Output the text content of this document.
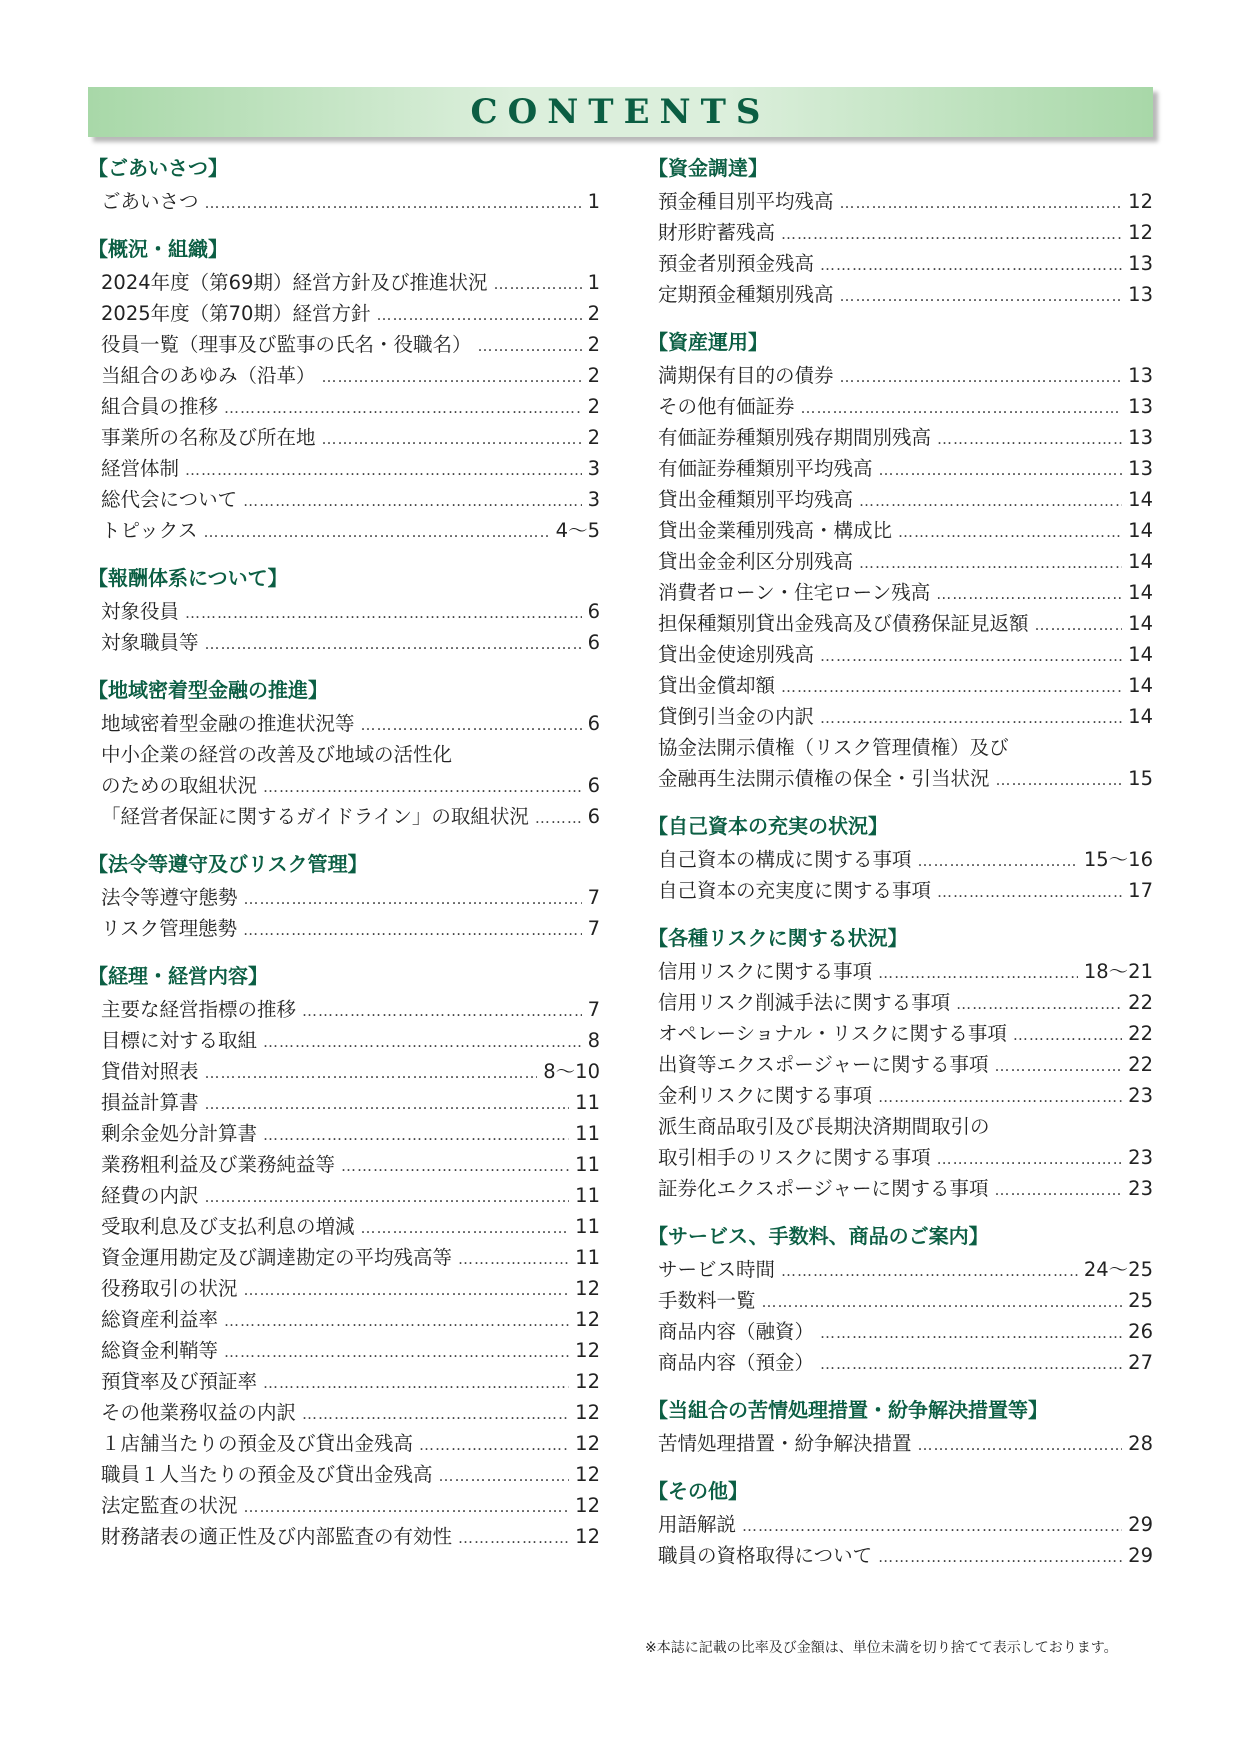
CONTENTS
【ごあいさつ】
ごあいさつ …………………………………………………………………………………………………………………………………………………………………………	1
【概況・組織】
2024年度（第69期）経営方針及び推進状況 …………………………………………………………………………………………………………………………………………………………………………	1
2025年度（第70期）経営方針 …………………………………………………………………………………………………………………………………………………………………………	2
役員一覧（理事及び監事の氏名・役職名） …………………………………………………………………………………………………………………………………………………………………………	2
当組合のあゆみ（沿革） …………………………………………………………………………………………………………………………………………………………………………	2
組合員の推移 …………………………………………………………………………………………………………………………………………………………………………	2
事業所の名称及び所在地 …………………………………………………………………………………………………………………………………………………………………………	2
経営体制 …………………………………………………………………………………………………………………………………………………………………………	3
総代会について …………………………………………………………………………………………………………………………………………………………………………	3
トピックス …………………………………………………………………………………………………………………………………………………………………………	4～5
【報酬体系について】
対象役員 …………………………………………………………………………………………………………………………………………………………………………	6
対象職員等 …………………………………………………………………………………………………………………………………………………………………………	6
【地域密着型金融の推進】
地域密着型金融の推進状況等 …………………………………………………………………………………………………………………………………………………………………………	6
中小企業の経営の改善及び地域の活性化
のための取組状況 …………………………………………………………………………………………………………………………………………………………………………	6
「経営者保証に関するガイドライン」の取組状況 …………………………………………………………………………………………………………………………………………………………………………	6
【法令等遵守及びリスク管理】
法令等遵守態勢 …………………………………………………………………………………………………………………………………………………………………………	7
リスク管理態勢 …………………………………………………………………………………………………………………………………………………………………………	7
【経理・経営内容】
主要な経営指標の推移 …………………………………………………………………………………………………………………………………………………………………………	7
目標に対する取組 …………………………………………………………………………………………………………………………………………………………………………	8
貸借対照表 …………………………………………………………………………………………………………………………………………………………………………	8～10
損益計算書 …………………………………………………………………………………………………………………………………………………………………………	11
剰余金処分計算書 …………………………………………………………………………………………………………………………………………………………………………	11
業務粗利益及び業務純益等 …………………………………………………………………………………………………………………………………………………………………………	11
経費の内訳 …………………………………………………………………………………………………………………………………………………………………………	11
受取利息及び支払利息の増減 …………………………………………………………………………………………………………………………………………………………………………	11
資金運用勘定及び調達勘定の平均残高等 …………………………………………………………………………………………………………………………………………………………………………	11
役務取引の状況 …………………………………………………………………………………………………………………………………………………………………………	12
総資産利益率 …………………………………………………………………………………………………………………………………………………………………………	12
総資金利鞘等 …………………………………………………………………………………………………………………………………………………………………………	12
預貸率及び預証率 …………………………………………………………………………………………………………………………………………………………………………	12
その他業務収益の内訳 …………………………………………………………………………………………………………………………………………………………………………	12
１店舗当たりの預金及び貸出金残高 …………………………………………………………………………………………………………………………………………………………………………	12
職員１人当たりの預金及び貸出金残高 …………………………………………………………………………………………………………………………………………………………………………	12
法定監査の状況 …………………………………………………………………………………………………………………………………………………………………………	12
財務諸表の適正性及び内部監査の有効性 …………………………………………………………………………………………………………………………………………………………………………	12
【資金調達】
預金種目別平均残高 …………………………………………………………………………………………………………………………………………………………………………	12
財形貯蓄残高 …………………………………………………………………………………………………………………………………………………………………………	12
預金者別預金残高 …………………………………………………………………………………………………………………………………………………………………………	13
定期預金種類別残高 …………………………………………………………………………………………………………………………………………………………………………	13
【資産運用】
満期保有目的の債券 …………………………………………………………………………………………………………………………………………………………………………	13
その他有価証券 …………………………………………………………………………………………………………………………………………………………………………	13
有価証券種類別残存期間別残高 …………………………………………………………………………………………………………………………………………………………………………	13
有価証券種類別平均残高 …………………………………………………………………………………………………………………………………………………………………………	13
貸出金種類別平均残高 …………………………………………………………………………………………………………………………………………………………………………	14
貸出金業種別残高・構成比 …………………………………………………………………………………………………………………………………………………………………………	14
貸出金金利区分別残高 …………………………………………………………………………………………………………………………………………………………………………	14
消費者ローン・住宅ローン残高 …………………………………………………………………………………………………………………………………………………………………………	14
担保種類別貸出金残高及び債務保証見返額 …………………………………………………………………………………………………………………………………………………………………………	14
貸出金使途別残高 …………………………………………………………………………………………………………………………………………………………………………	14
貸出金償却額 …………………………………………………………………………………………………………………………………………………………………………	14
貸倒引当金の内訳 …………………………………………………………………………………………………………………………………………………………………………	14
協金法開示債権（リスク管理債権）及び
金融再生法開示債権の保全・引当状況 …………………………………………………………………………………………………………………………………………………………………………	15
【自己資本の充実の状況】
自己資本の構成に関する事項 …………………………………………………………………………………………………………………………………………………………………………	15～16
自己資本の充実度に関する事項 …………………………………………………………………………………………………………………………………………………………………………	17
【各種リスクに関する状況】
信用リスクに関する事項 …………………………………………………………………………………………………………………………………………………………………………	18～21
信用リスク削減手法に関する事項 …………………………………………………………………………………………………………………………………………………………………………	22
オペレーショナル・リスクに関する事項 …………………………………………………………………………………………………………………………………………………………………………	22
出資等エクスポージャーに関する事項 …………………………………………………………………………………………………………………………………………………………………………	22
金利リスクに関する事項 …………………………………………………………………………………………………………………………………………………………………………	23
派生商品取引及び長期決済期間取引の
取引相手のリスクに関する事項 …………………………………………………………………………………………………………………………………………………………………………	23
証券化エクスポージャーに関する事項 …………………………………………………………………………………………………………………………………………………………………………	23
【サービス、手数料、商品のご案内】
サービス時間 …………………………………………………………………………………………………………………………………………………………………………	24～25
手数料一覧 …………………………………………………………………………………………………………………………………………………………………………	25
商品内容（融資） …………………………………………………………………………………………………………………………………………………………………………	26
商品内容（預金） …………………………………………………………………………………………………………………………………………………………………………	27
【当組合の苦情処理措置・紛争解決措置等】
苦情処理措置・紛争解決措置 …………………………………………………………………………………………………………………………………………………………………………	28
【その他】
用語解説 …………………………………………………………………………………………………………………………………………………………………………	29
職員の資格取得について …………………………………………………………………………………………………………………………………………………………………………	29
※本誌に記載の比率及び金額は、単位未満を切り捨てて表示しております。
